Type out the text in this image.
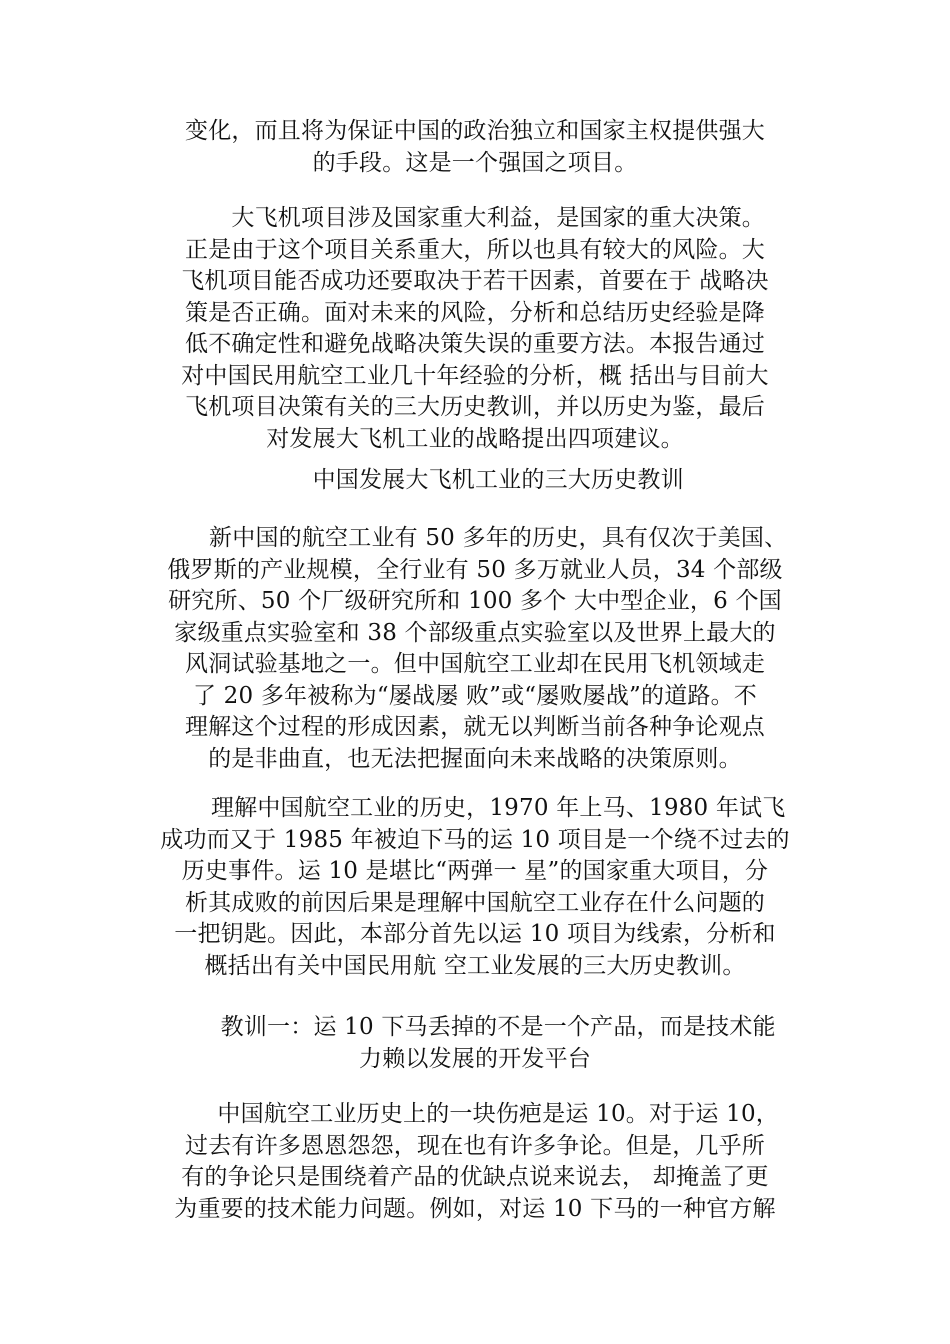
变化，而且将为保证中国的政治独立和国家主权提供强大
的手段。这是一个强国之项目。
　　大飞机项目涉及国家重大利益，是国家的重大决策。
正是由于这个项目关系重大，所以也具有较大的风险。大
飞机项目能否成功还要取决于若干因素，首要在于 战略决
策是否正确。面对未来的风险，分析和总结历史经验是降
低不确定性和避免战略决策失误的重要方法。本报告通过
对中国民用航空工业几十年经验的分析，概 括出与目前大
飞机项目决策有关的三大历史教训，并以历史为鉴，最后
对发展大飞机工业的战略提出四项建议。
　　中国发展大飞机工业的三大历史教训
　　新中国的航空工业有 50 多年的历史，具有仅次于美国、
俄罗斯的产业规模，全行业有 50 多万就业人员，34 个部级
研究所、50 个厂级研究所和 100 多个 大中型企业，6 个国
家级重点实验室和 38 个部级重点实验室以及世界上最大的
风洞试验基地之一。但中国航空工业却在民用飞机领域走
了 20 多年被称为“屡战屡 败”或“屡败屡战”的道路。不
理解这个过程的形成因素，就无以判断当前各种争论观点
的是非曲直，也无法把握面向未来战略的决策原则。
　　理解中国航空工业的历史，1970 年上马、1980 年试飞
成功而又于 1985 年被迫下马的运 10 项目是一个绕不过去的
历史事件。运 10 是堪比“两弹一 星”的国家重大项目，分
析其成败的前因后果是理解中国航空工业存在什么问题的
一把钥匙。因此，本部分首先以运 10 项目为线索，分析和
概括出有关中国民用航 空工业发展的三大历史教训。
　　教训一：运 10 下马丢掉的不是一个产品，而是技术能
力赖以发展的开发平台
　　中国航空工业历史上的一块伤疤是运 10。对于运 10，
过去有许多恩恩怨怨，现在也有许多争论。但是，几乎所
有的争论只是围绕着产品的优缺点说来说去， 却掩盖了更
为重要的技术能力问题。例如，对运 10 下马的一种官方解
